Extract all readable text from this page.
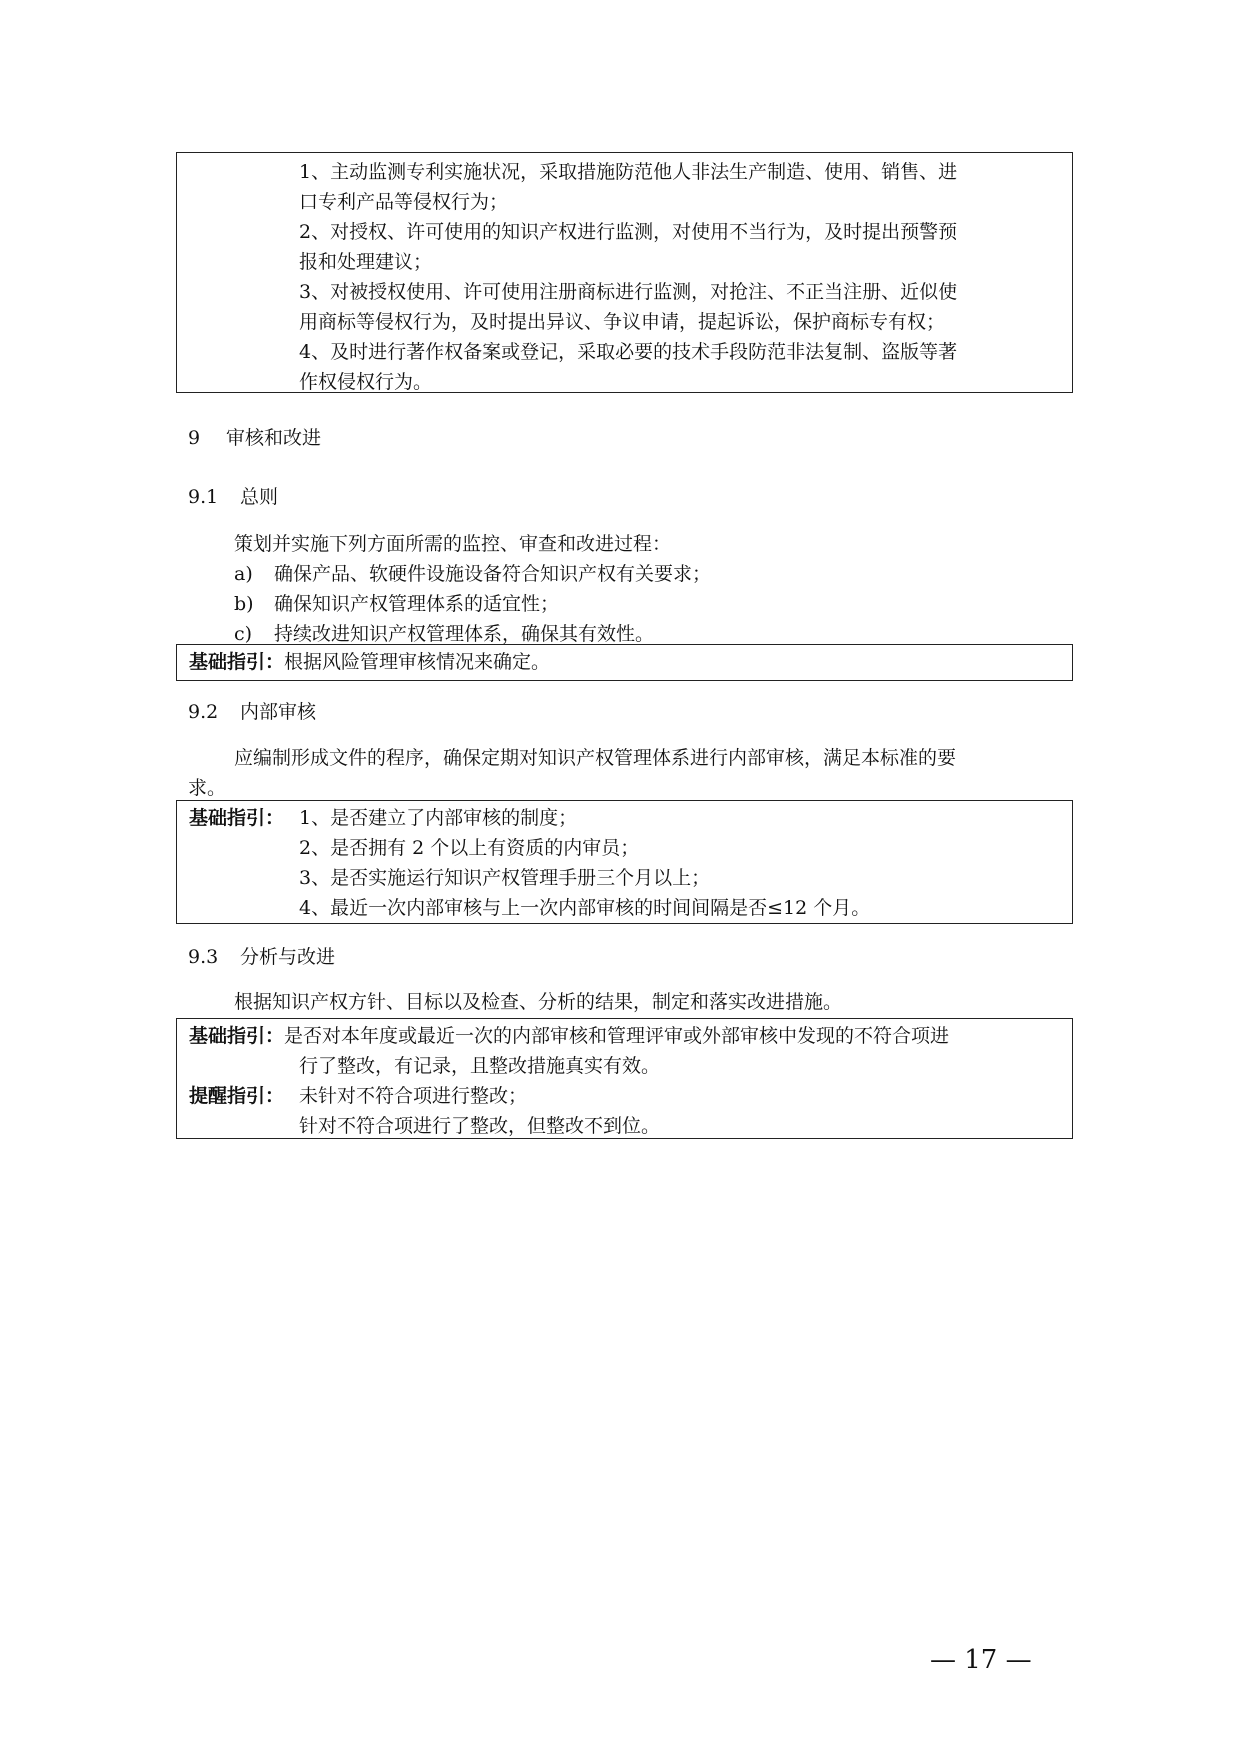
1、主动监测专利实施状况，采取措施防范他人非法生产制造、使用、销售、进
口专利产品等侵权行为；
2、对授权、许可使用的知识产权进行监测，对使用不当行为，及时提出预警预
报和处理建议；
3、对被授权使用、许可使用注册商标进行监测，对抢注、不正当注册、近似使
用商标等侵权行为，及时提出异议、争议申请，提起诉讼，保护商标专有权；
4、及时进行著作权备案或登记，采取必要的技术手段防范非法复制、盗版等著
作权侵权行为。
9 审核和改进
9.1 总则
策划并实施下列方面所需的监控、审查和改进过程：
a) 确保产品、软硬件设施设备符合知识产权有关要求；
b) 确保知识产权管理体系的适宜性；
c) 持续改进知识产权管理体系，确保其有效性。
基础指引：根据风险管理审核情况来确定。
9.2 内部审核
应编制形成文件的程序，确保定期对知识产权管理体系进行内部审核，满足本标准的要
求。
基础指引： 1、是否建立了内部审核的制度；
2、是否拥有 2 个以上有资质的内审员；
3、是否实施运行知识产权管理手册三个月以上；
4、最近一次内部审核与上一次内部审核的时间间隔是否≤12 个月。
9.3 分析与改进
根据知识产权方针、目标以及检查、分析的结果，制定和落实改进措施。
基础指引：是否对本年度或最近一次的内部审核和管理评审或外部审核中发现的不符合项进
行了整改，有记录，且整改措施真实有效。
提醒指引： 未针对不符合项进行整改；
针对不符合项进行了整改，但整改不到位。
— 17 —
